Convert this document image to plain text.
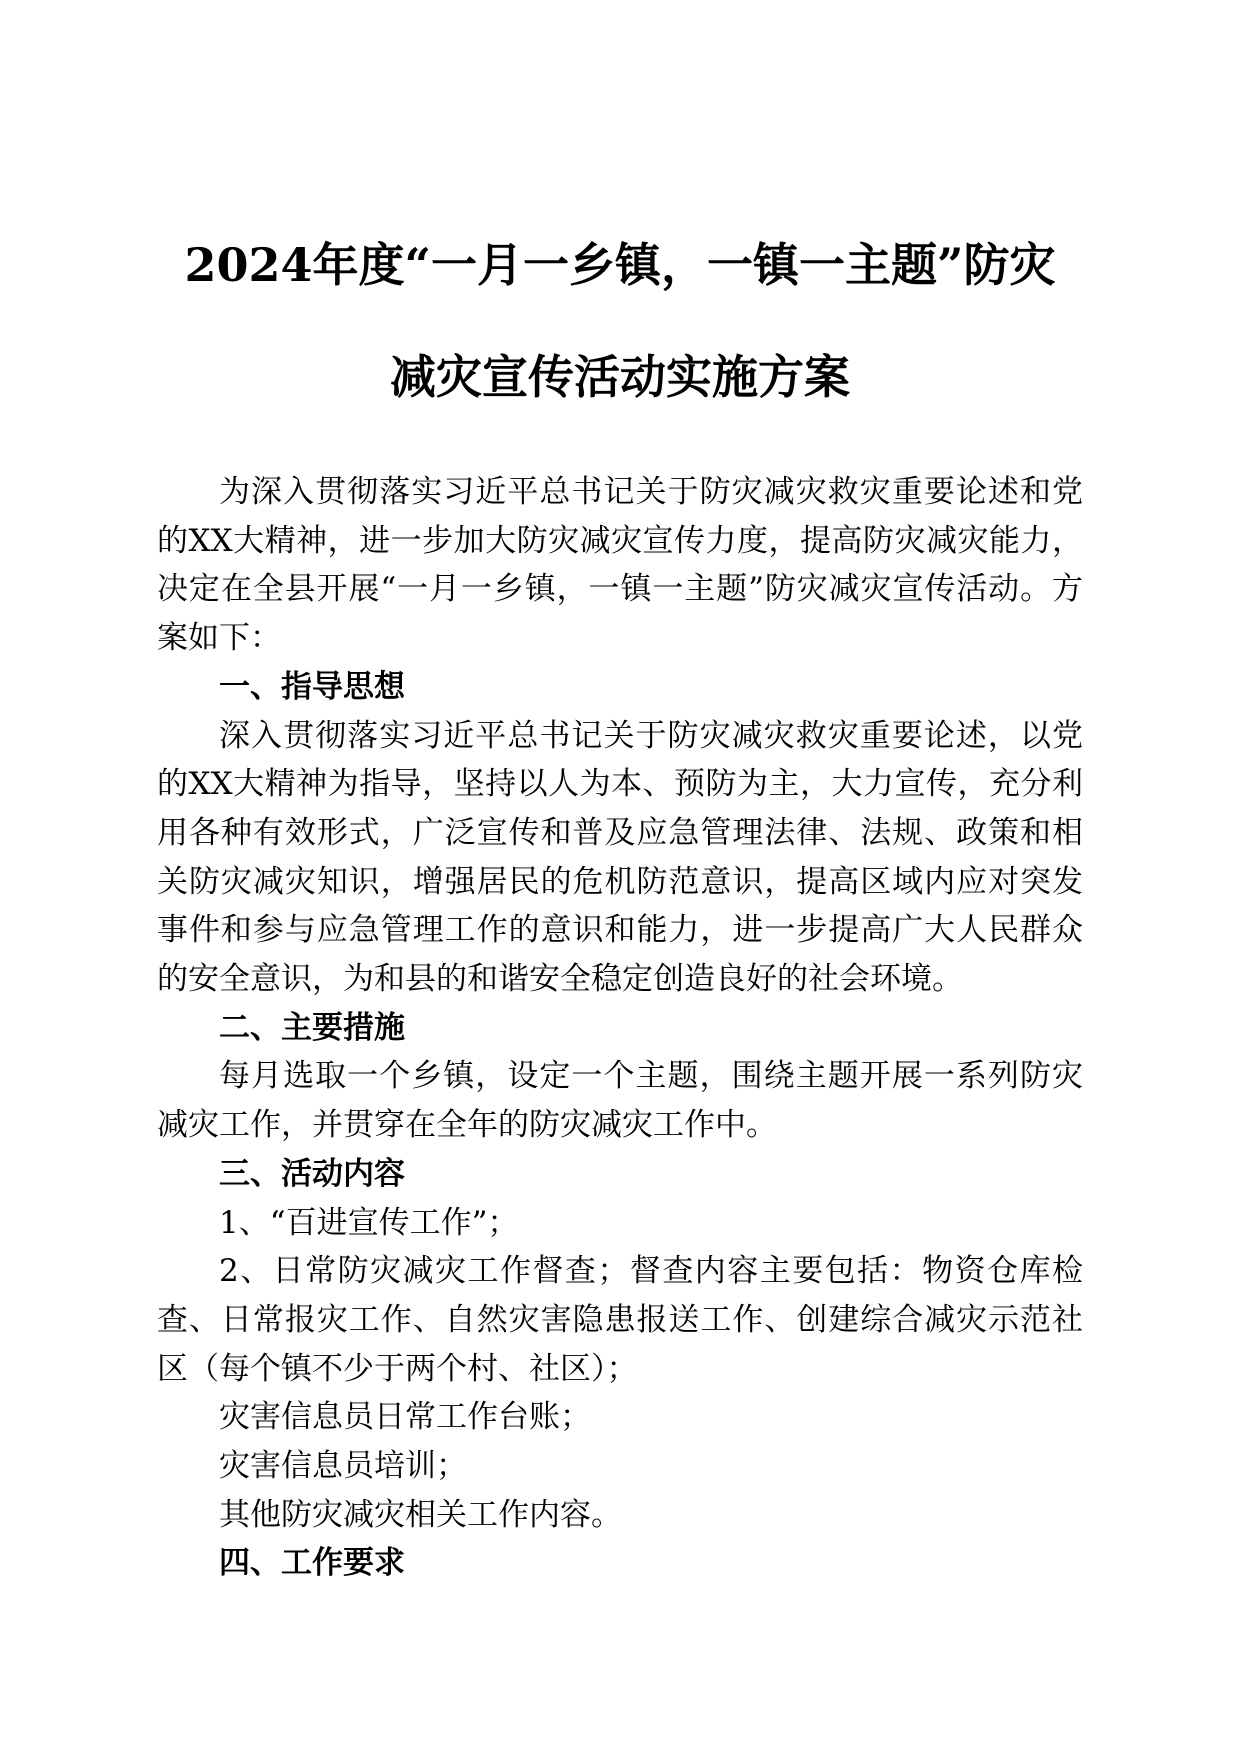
2024年度“一月一乡镇，一镇一主题”防灾
减灾宣传活动实施方案

为深入贯彻落实习近平总书记关于防灾减灾救灾重要论述和党的XX大精神，进一步加大防灾减灾宣传力度，提高防灾减灾能力，决定在全县开展“一月一乡镇，一镇一主题”防灾减灾宣传活动。方案如下：

一、指导思想

深入贯彻落实习近平总书记关于防灾减灾救灾重要论述，以党的XX大精神为指导，坚持以人为本、预防为主，大力宣传，充分利用各种有效形式，广泛宣传和普及应急管理法律、法规、政策和相关防灾减灾知识，增强居民的危机防范意识，提高区域内应对突发事件和参与应急管理工作的意识和能力，进一步提高广大人民群众的安全意识，为和县的和谐安全稳定创造良好的社会环境。

二、主要措施

每月选取一个乡镇，设定一个主题，围绕主题开展一系列防灾减灾工作，并贯穿在全年的防灾减灾工作中。

三、活动内容

1、“百进宣传工作”；

2、日常防灾减灾工作督查；督查内容主要包括：物资仓库检查、日常报灾工作、自然灾害隐患报送工作、创建综合减灾示范社区（每个镇不少于两个村、社区）；

灾害信息员日常工作台账；

灾害信息员培训；

其他防灾减灾相关工作内容。

四、工作要求
